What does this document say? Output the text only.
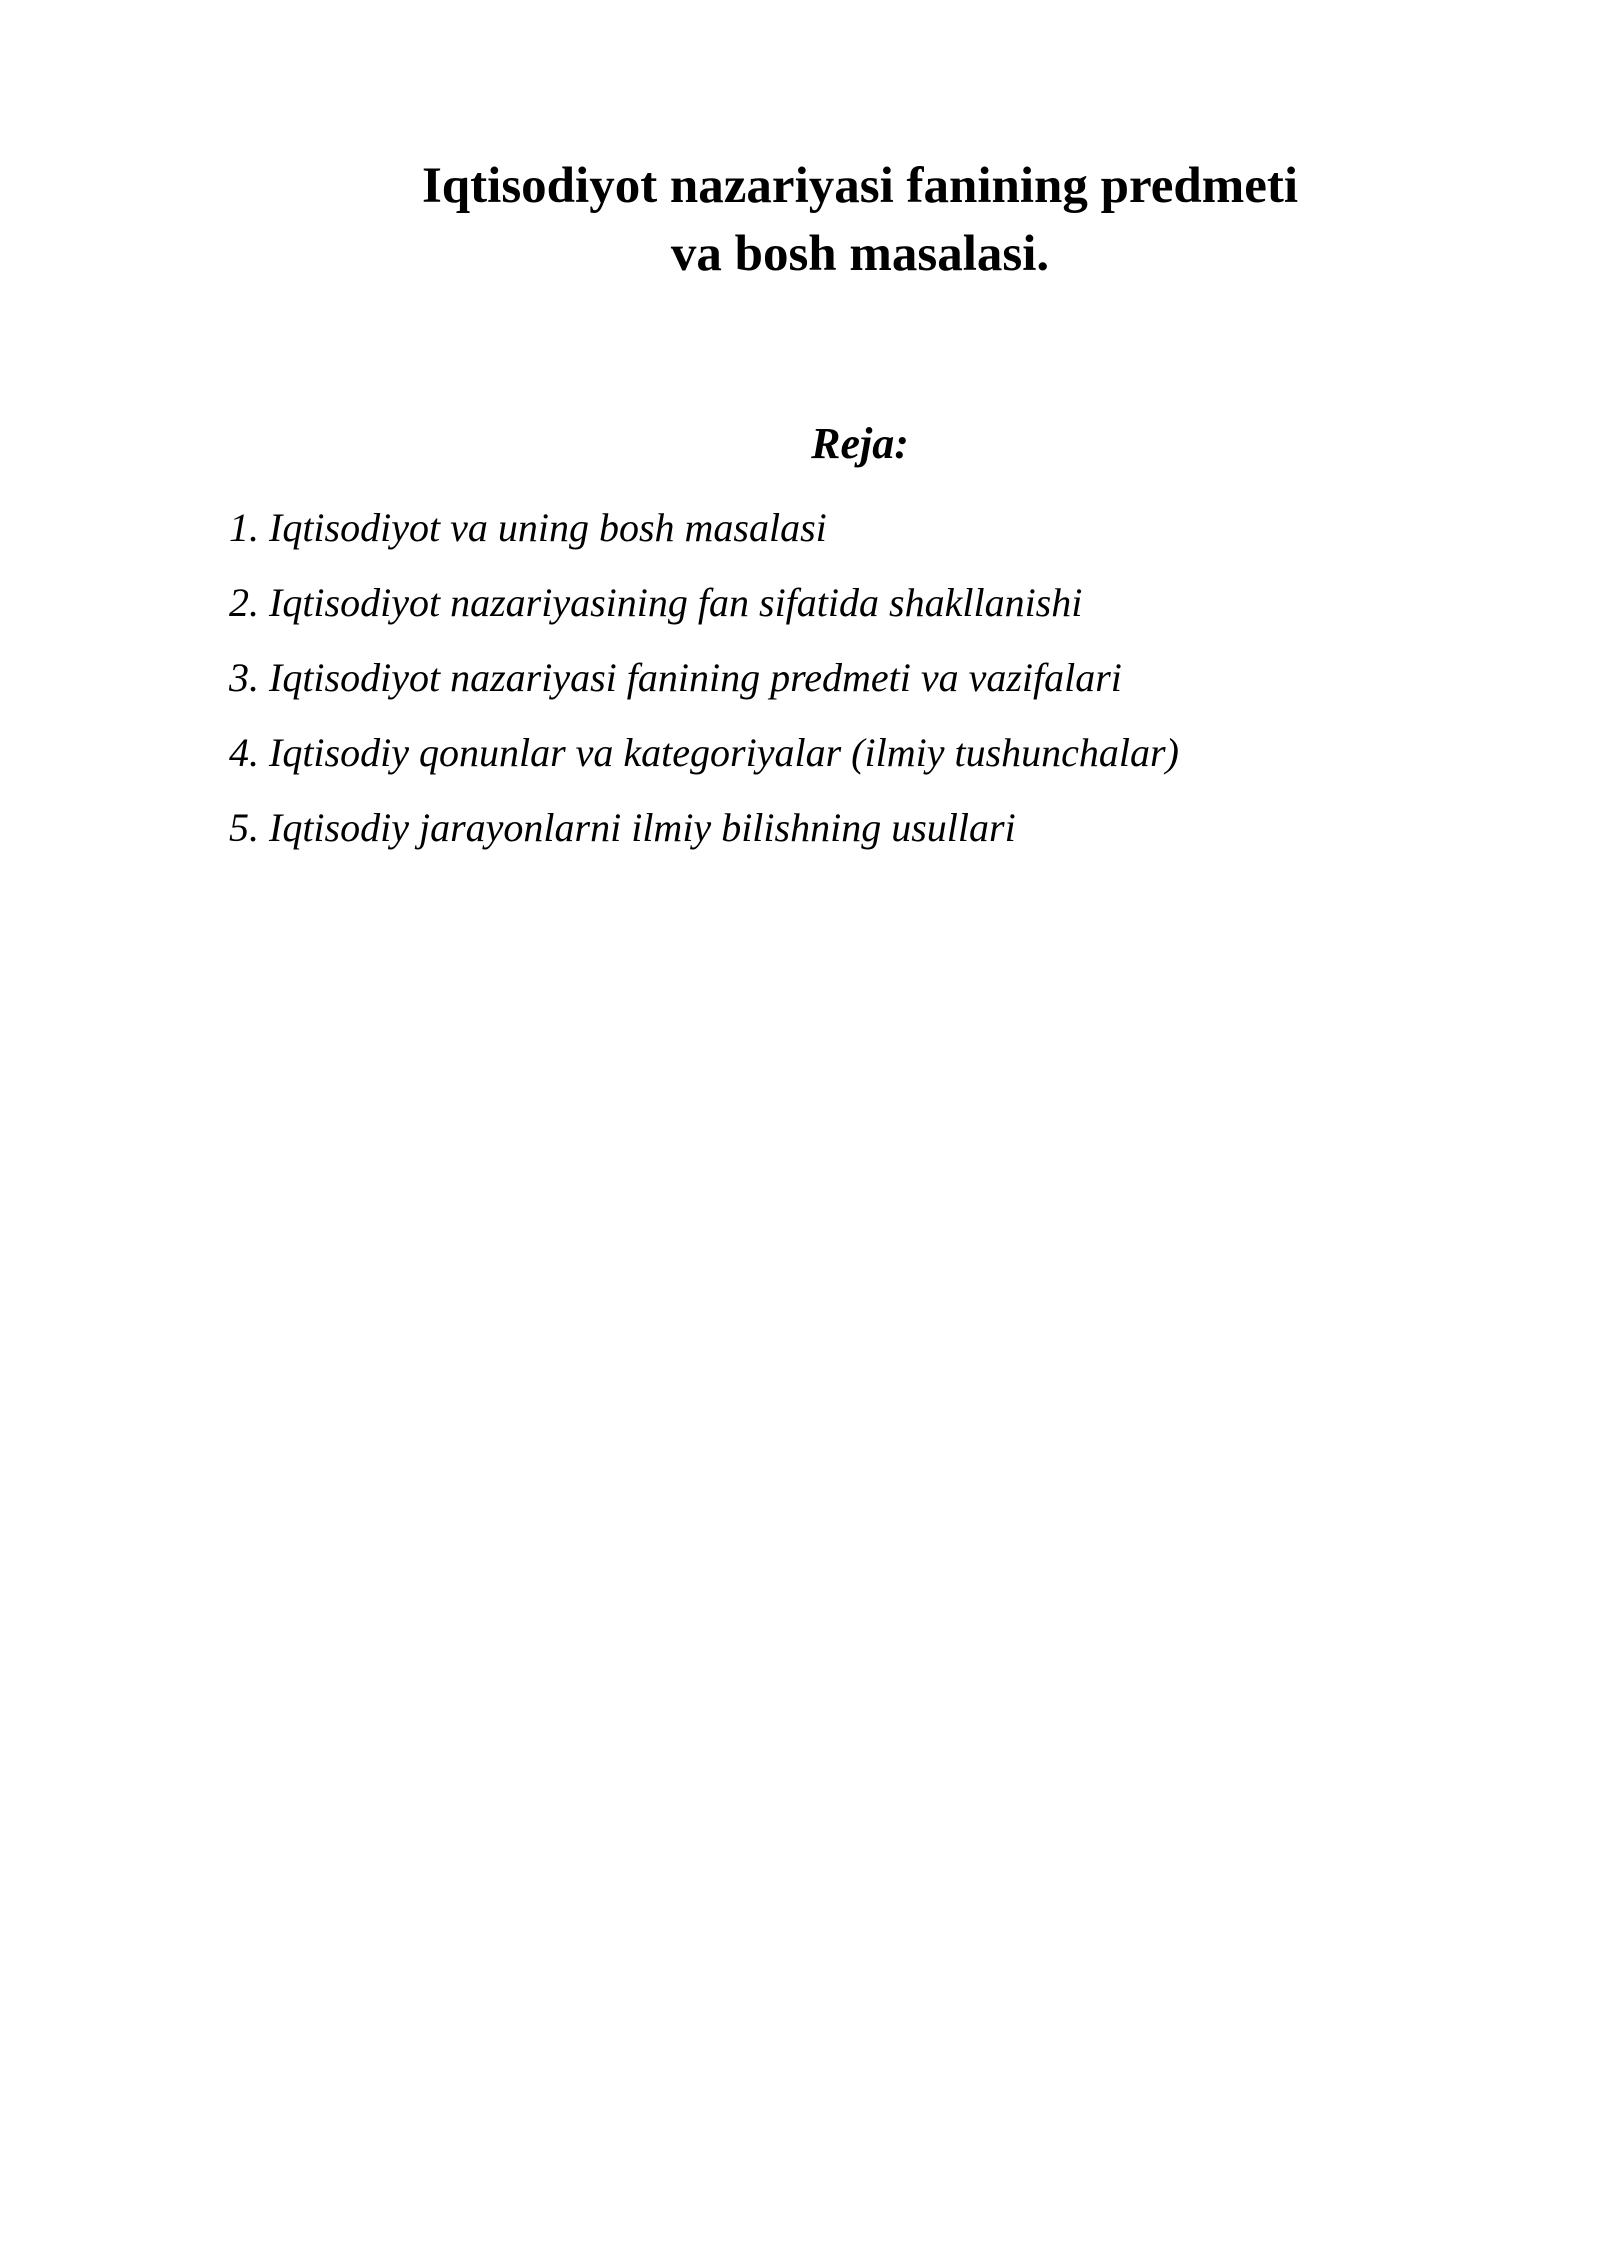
Iqtisodiyot nazariyasi fanining predmeti
va bosh masalasi.
Reja:
1. Iqtisodiyot va uning bosh masalasi
2. Iqtisodiyot nazariyasining fan sifatida shakllanishi
3. Iqtisodiyot nazariyasi fanining predmeti va vazifalari
4. Iqtisodiy qonunlar va kategoriyalar (ilmiy tushunchalar)
5. Iqtisodiy jarayonlarni ilmiy bilishning usullari
